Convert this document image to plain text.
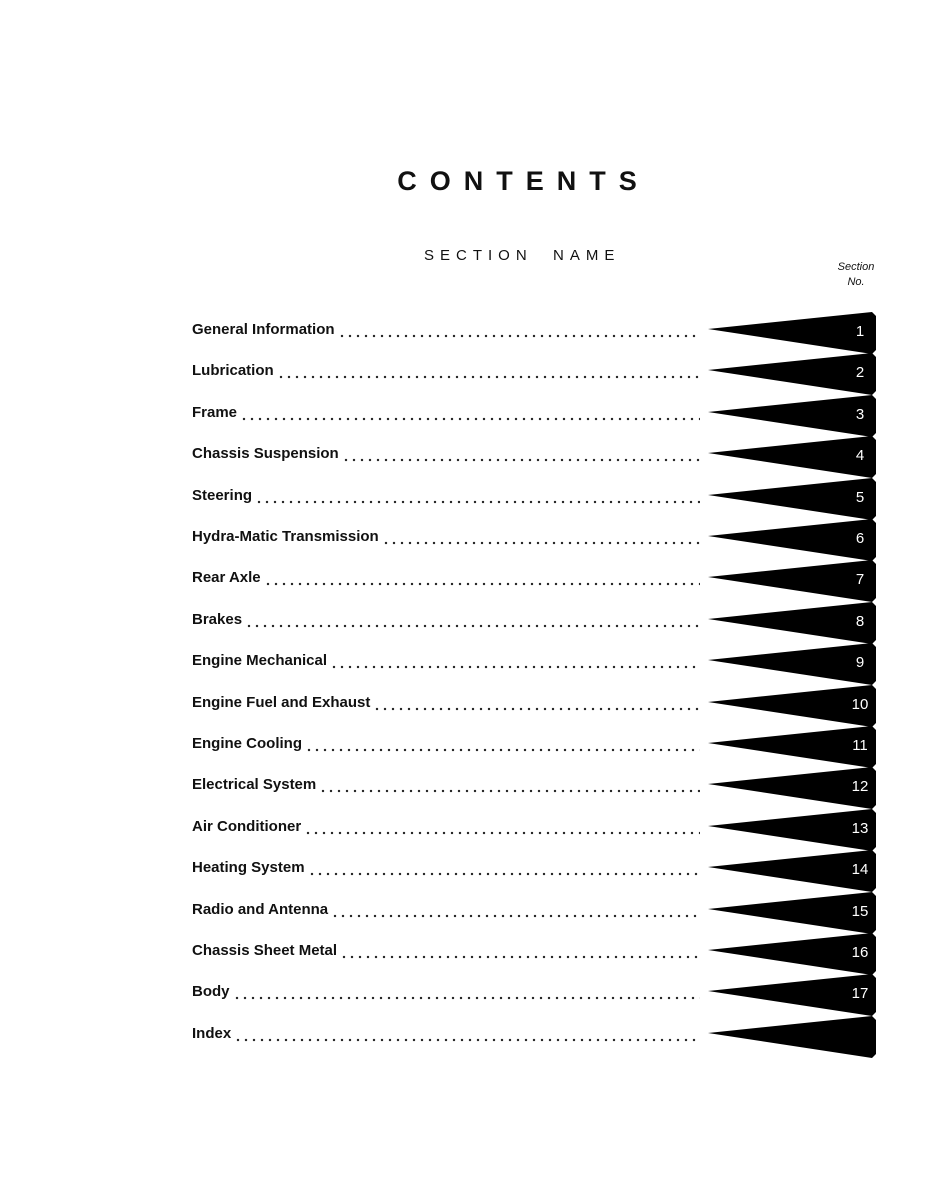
CONTENTS
SECTION  NAME
Section
No.
General Information	1
Lubrication	2
Frame	3
Chassis Suspension	4
Steering	5
Hydra-Matic Transmission	6
Rear Axle	7
Brakes	8
Engine Mechanical	9
Engine Fuel and Exhaust	10
Engine Cooling	11
Electrical System	12
Air Conditioner	13
Heating System	14
Radio and Antenna	15
Chassis Sheet Metal	16
Body	17
Index
